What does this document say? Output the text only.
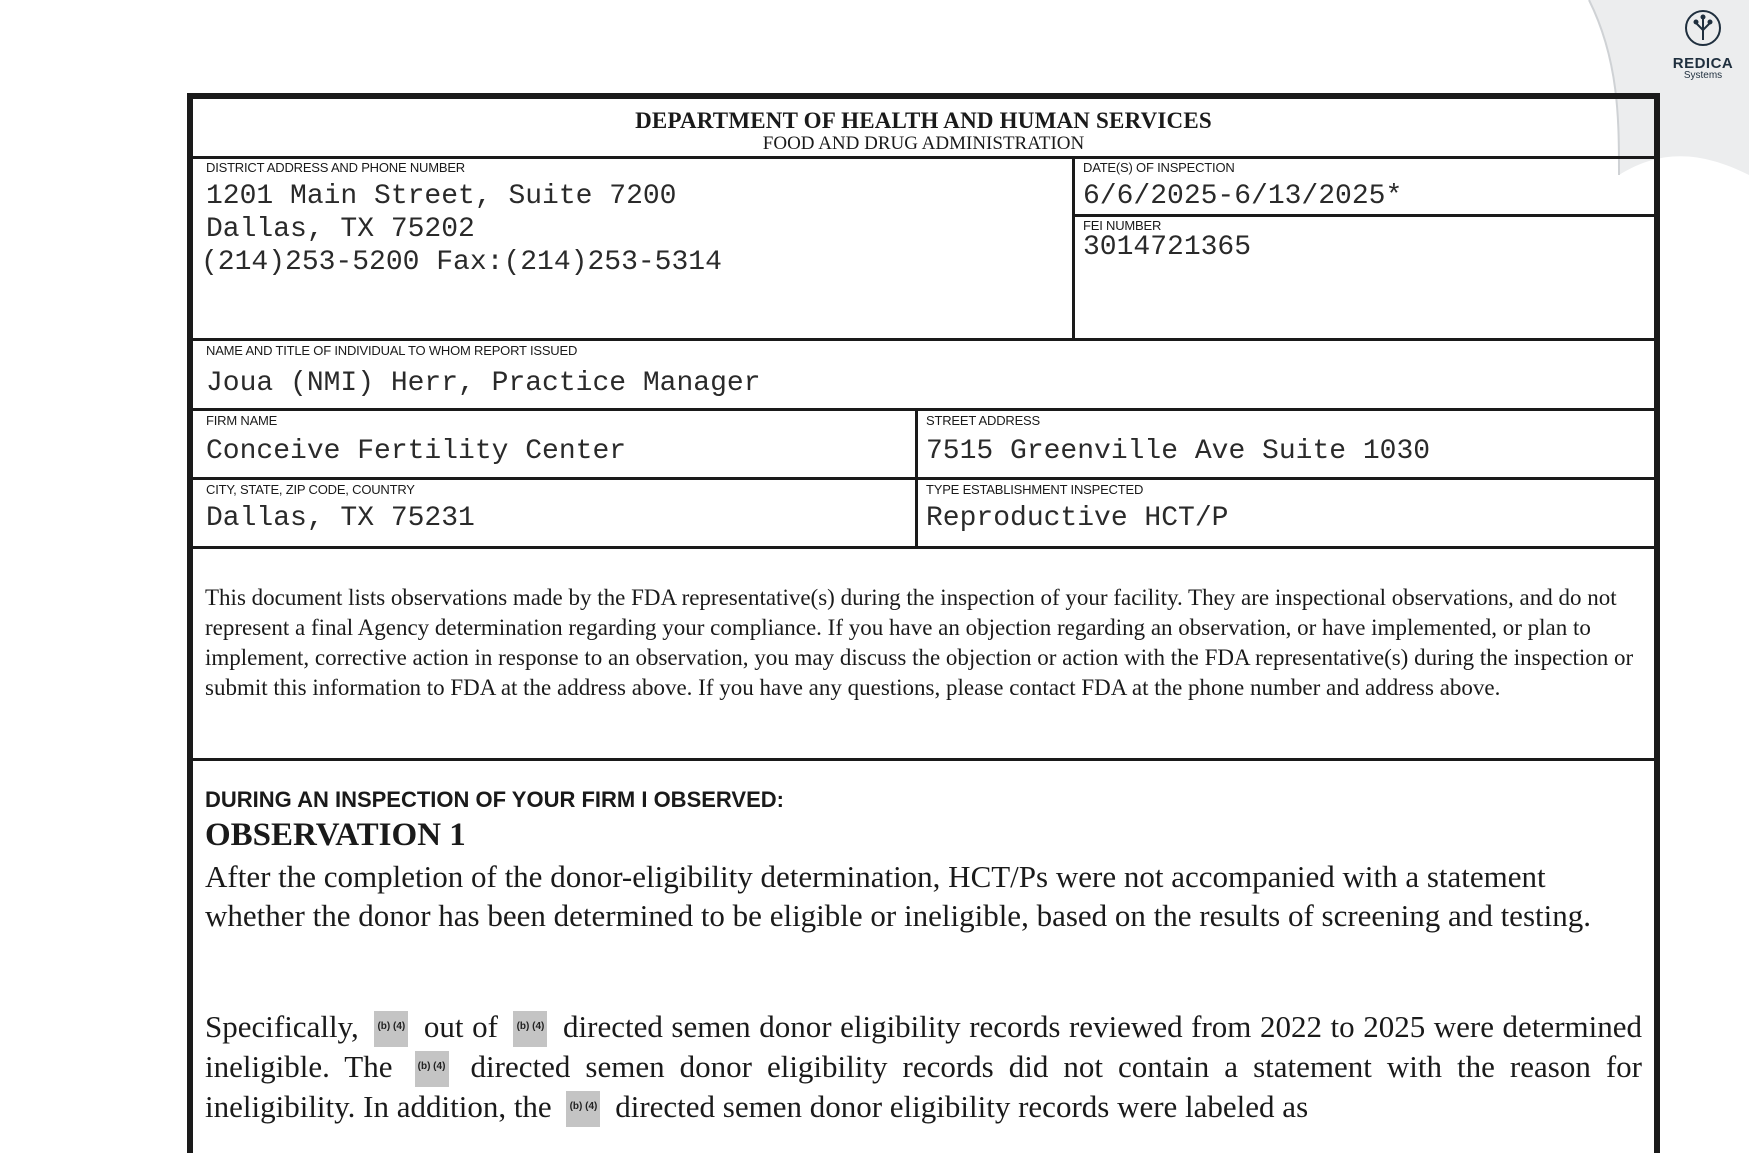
REDICA
Systems
DEPARTMENT OF HEALTH AND HUMAN SERVICES
FOOD AND DRUG ADMINISTRATION
DISTRICT ADDRESS AND PHONE NUMBER
1201 Main Street, Suite 7200
Dallas, TX 75202
(214)253-5200 Fax:(214)253-5314
DATE(S) OF INSPECTION
6/6/2025-6/13/2025*
FEI NUMBER
3014721365
NAME AND TITLE OF INDIVIDUAL TO WHOM REPORT ISSUED
Joua (NMI) Herr, Practice Manager
FIRM NAME
Conceive Fertility Center
STREET ADDRESS
7515 Greenville Ave Suite 1030
CITY, STATE, ZIP CODE, COUNTRY
Dallas, TX 75231
TYPE ESTABLISHMENT INSPECTED
Reproductive HCT/P
This document lists observations made by the FDA representative(s) during the inspection of your facility. They are inspectional observations, and do not represent a final Agency determination regarding your compliance. If you have an objection regarding an observation, or have implemented, or plan to implement, corrective action in response to an observation, you may discuss the objection or action with the FDA representative(s) during the inspection or submit this information to FDA at the address above. If you have any questions, please contact FDA at the phone number and address above.
DURING AN INSPECTION OF YOUR FIRM I OBSERVED:
OBSERVATION 1
After the completion of the donor-eligibility determination, HCT/Ps were not accompanied with a statement whether the donor has been determined to be eligible or ineligible, based on the results of screening and testing.
Specifically,	(b) (4) out of	(b) (4) directed semen donor eligibility records reviewed from 2022 to 2025 were determined ineligible. The	(b) (4) directed semen donor eligibility records did not contain a statement with the reason for ineligibility. In addition, the	(b) (4) directed semen donor eligibility records were labeled as
